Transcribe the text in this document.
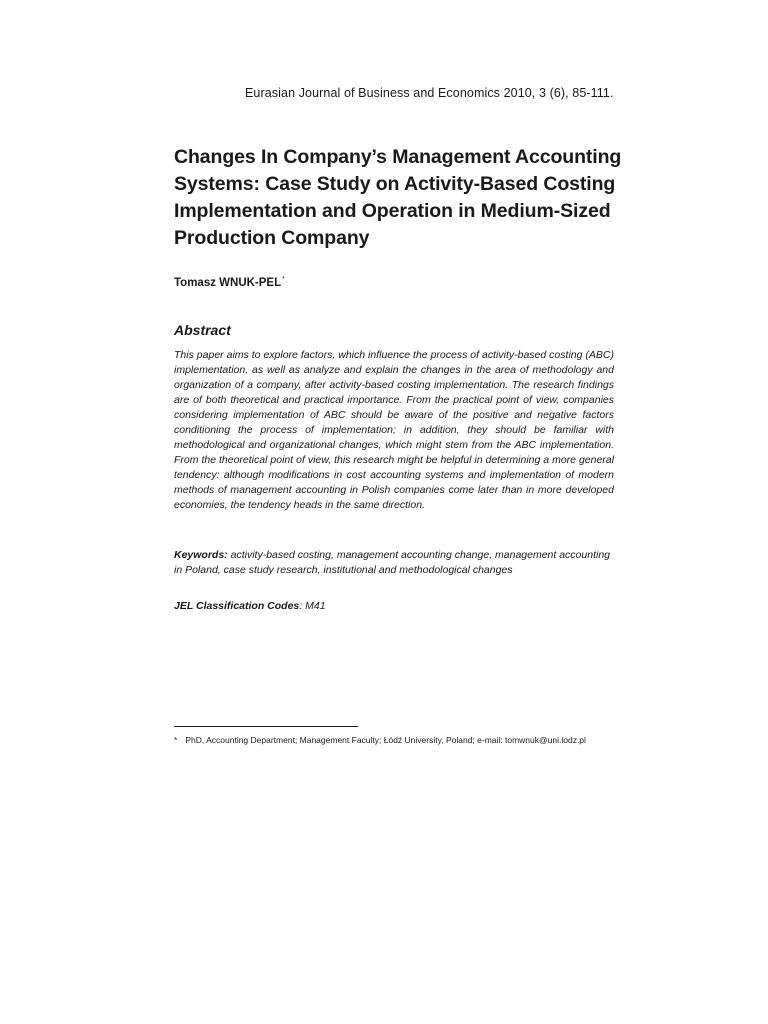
Eurasian Journal of Business and Economics 2010, 3 (6), 85-111.
Changes In Company’s Management Accounting Systems: Case Study on Activity-Based Costing Implementation and Operation in Medium-Sized Production Company
Tomasz WNUK-PEL*
Abstract

This paper aims to explore factors, which influence the process of activity-based costing (ABC) implementation, as well as analyze and explain the changes in the area of methodology and organization of a company, after activity-based costing implementation. The research findings are of both theoretical and practical importance. From the practical point of view, companies considering implementation of ABC should be aware of the positive and negative factors conditioning the process of implementation; in addition, they should be familiar with methodological and organizational changes, which might stem from the ABC implementation. From the theoretical point of view, this research might be helpful in determining a more general tendency: although modifications in cost accounting systems and implementation of modern methods of management accounting in Polish companies come later than in more developed economies, the tendency heads in the same direction.

Keywords: activity-based costing, management accounting change, management accounting in Poland, case study research, institutional and methodological changes

JEL Classification Codes: M41

* PhD, Accounting Department; Management Faculty; Łódź University, Poland; e-mail: tomwnuk@uni.lodz.pl
